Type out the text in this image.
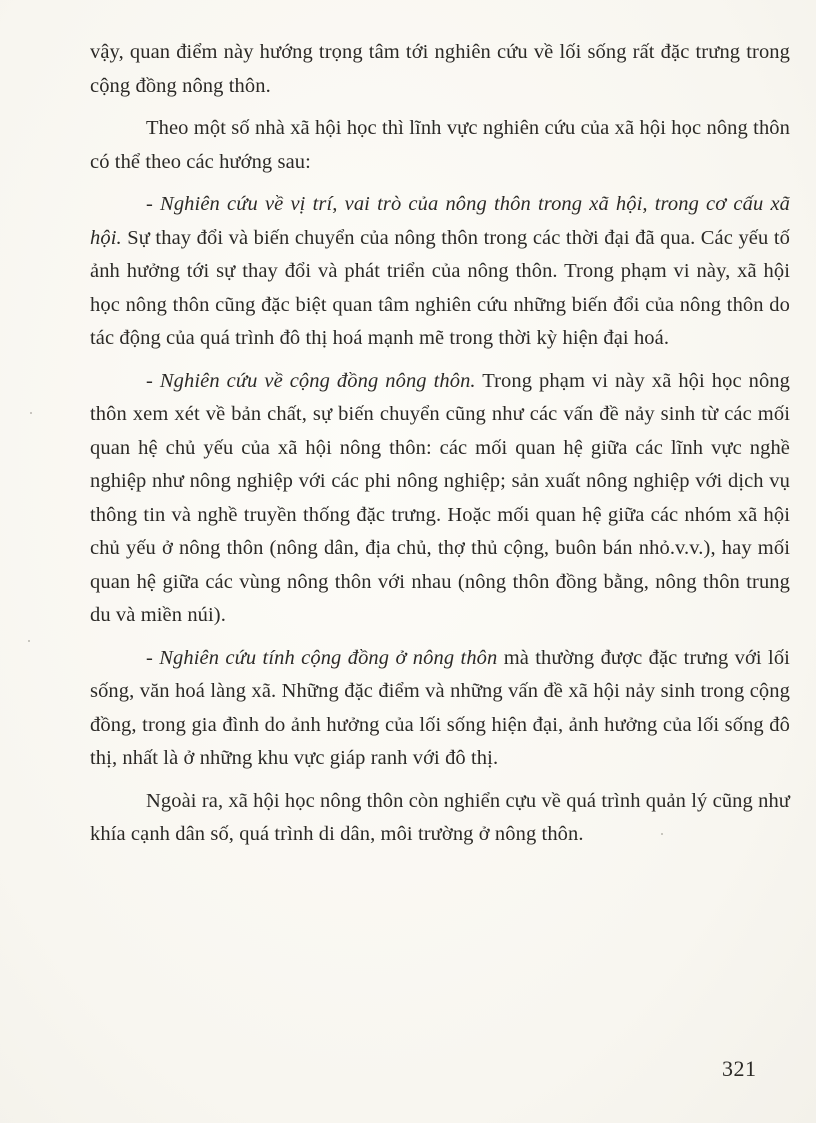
vậy, quan điểm này hướng trọng tâm tới nghiên cứu về lối sống rất đặc trưng trong cộng đồng nông thôn.

Theo một số nhà xã hội học thì lĩnh vực nghiên cứu của xã hội học nông thôn có thể theo các hướng sau:

- Nghiên cứu về vị trí, vai trò của nông thôn trong xã hội, trong cơ cấu xã hội. Sự thay đổi và biến chuyển của nông thôn trong các thời đại đã qua. Các yếu tố ảnh hưởng tới sự thay đổi và phát triển của nông thôn. Trong phạm vi này, xã hội học nông thôn cũng đặc biệt quan tâm nghiên cứu những biến đổi của nông thôn do tác động của quá trình đô thị hoá mạnh mẽ trong thời kỳ hiện đại hoá.

- Nghiên cứu về cộng đồng nông thôn. Trong phạm vi này xã hội học nông thôn xem xét về bản chất, sự biến chuyển cũng như các vấn đề nảy sinh từ các mối quan hệ chủ yếu của xã hội nông thôn: các mối quan hệ giữa các lĩnh vực nghề nghiệp như nông nghiệp với các phi nông nghiệp; sản xuất nông nghiệp với dịch vụ thông tin và nghề truyền thống đặc trưng. Hoặc mối quan hệ giữa các nhóm xã hội chủ yếu ở nông thôn (nông dân, địa chủ, thợ thủ cộng, buôn bán nhỏ.v.v.), hay mối quan hệ giữa các vùng nông thôn với nhau (nông thôn đồng bằng, nông thôn trung du và miền núi).

- Nghiên cứu tính cộng đồng ở nông thôn mà thường được đặc trưng với lối sống, văn hoá làng xã. Những đặc điểm và những vấn đề xã hội nảy sinh trong cộng đồng, trong gia đình do ảnh hưởng của lối sống hiện đại, ảnh hưởng của lối sống đô thị, nhất là ở những khu vực giáp ranh với đô thị.

Ngoài ra, xã hội học nông thôn còn nghiển cựu về quá trình quản lý cũng như khía cạnh dân số, quá trình di dân, môi trường ở nông thôn.

321
